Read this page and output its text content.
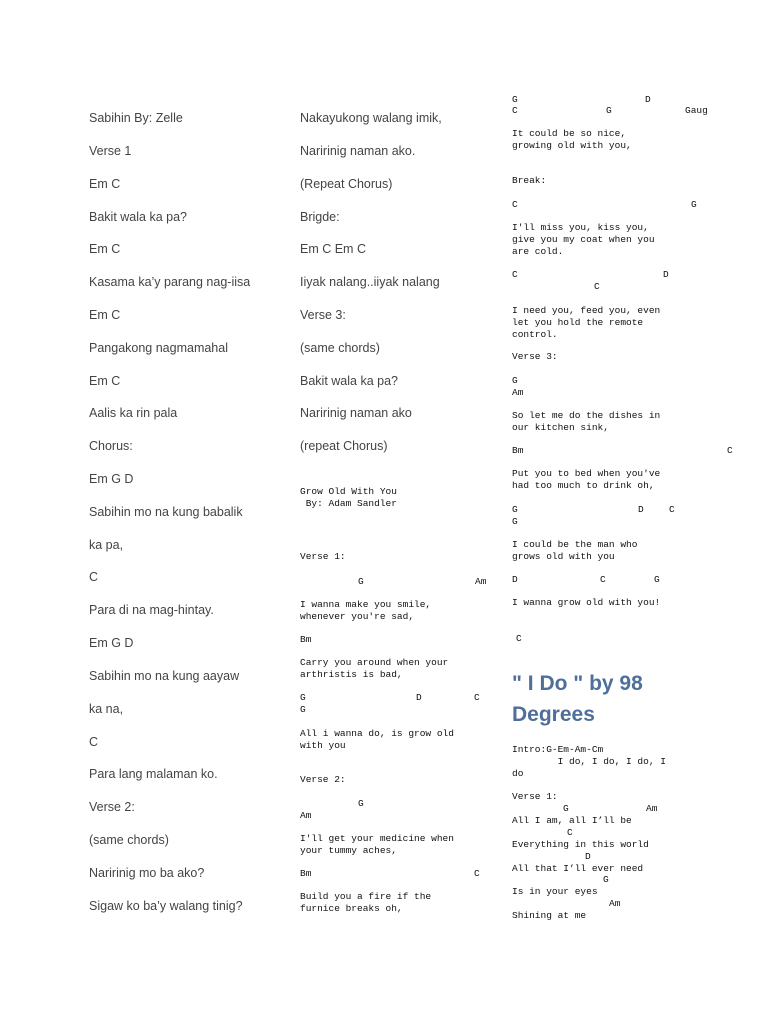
Sabihin By: Zelle
Verse 1
Em C
Bakit wala ka pa?
Em C
Kasama ka’y parang nag-iisa
Em C
Pangakong nagmamahal
Em C
Aalis ka rin pala
Chorus:
Em G D
Sabihin mo na kung babalik
ka pa,
C
Para di na mag-hintay.
Em G D
Sabihin mo na kung aayaw
ka na,
C
Para lang malaman ko.
Verse 2:
(same chords)
Naririnig mo ba ako?
Sigaw ko ba’y walang tinig?
Nakayukong walang imik,
Naririnig naman ako.
(Repeat Chorus)
Brigde:
Em C Em C
Iiyak nalang..iiyak nalang
Verse 3:
(same chords)
Bakit wala ka pa?
Naririnig naman ako
(repeat Chorus)
Grow Old With You
By: Adam Sandler
Verse 1:
G	Am
I wanna make you smile,
whenever you're sad,
Bm
Carry you around when your
arthristis is bad,
G	D	C
G
All i wanna do, is grow old
with you
Verse 2:
G
Am
I'll get your medicine when
your tummy aches,
Bm	C
Build you a fire if the
furnice breaks oh,
G	D
C	G	Gaug
It could be so nice,
growing old with you,
Break:
C	G
I'll miss you, kiss you,
give you my coat when you
are cold.
C	D
C
I need you, feed you, even
let you hold the remote
control.
Verse 3:
G
Am
So let me do the dishes in
our kitchen sink,
Bm	C
Put you to bed when you've
had too much to drink oh,
G	D	C
G
I could be the man who
grows old with you
D	C	G
I wanna grow old with you!
C
" I Do " by 98
Degrees
Intro:G-Em-Am-Cm
I do, I do, I do, I
do
Verse 1:
G	Am
All I am, all I’ll be
C
Everything in this world
D
All that I’ll ever need
G
Is in your eyes
Am
Shining at me
